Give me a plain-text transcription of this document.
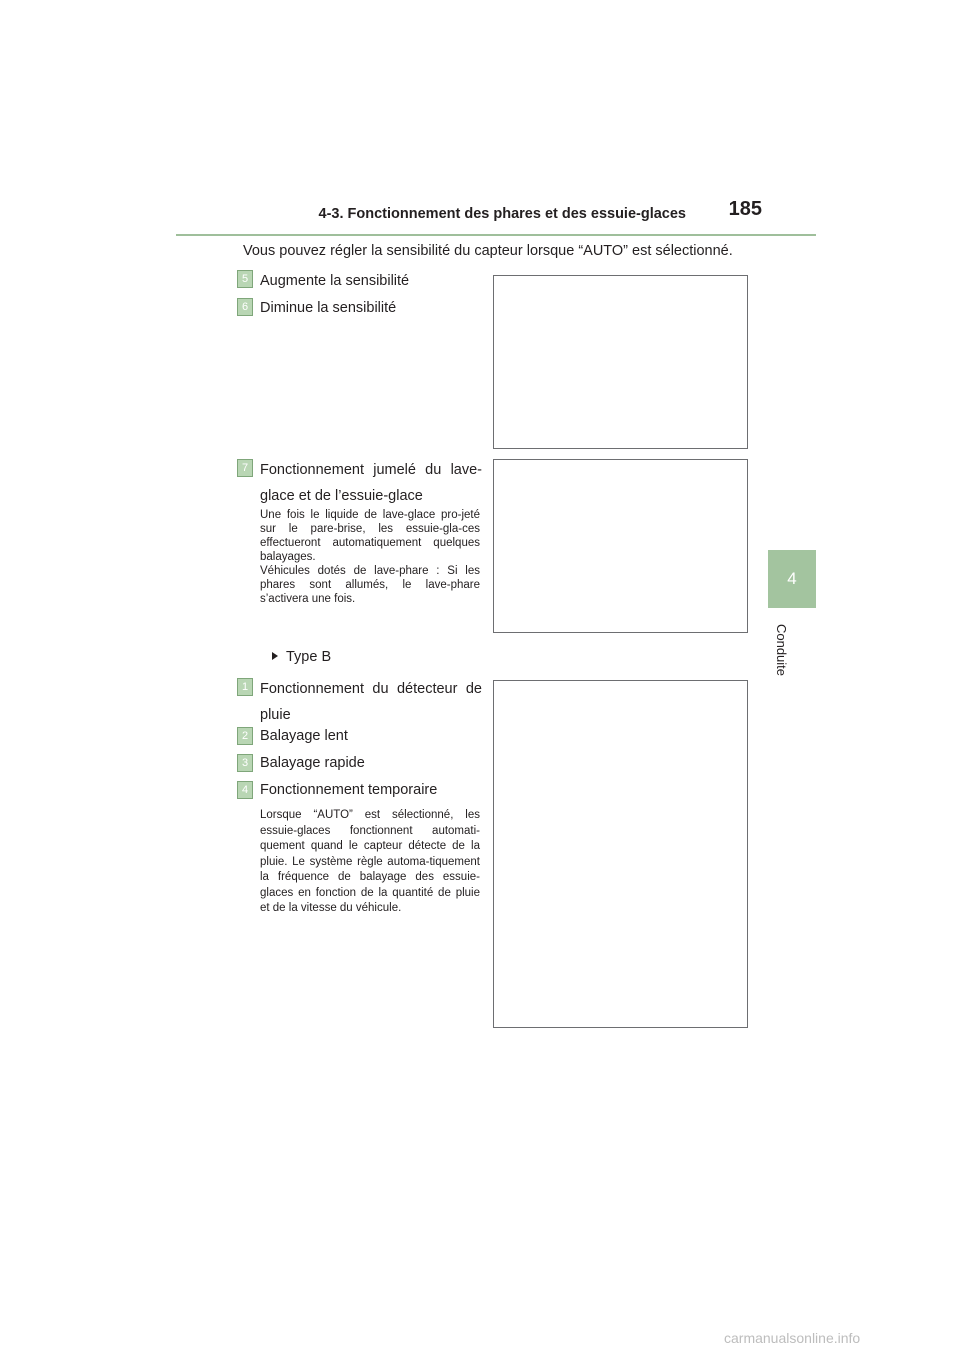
4-3. Fonctionnement des phares et des essuie-glaces 185
4
Conduite
Vous pouvez régler la sensibilité du capteur lorsque “AUTO” est sélectionné.
5 Augmente la sensibilité
6 Diminue la sensibilité
7 Fonctionnement jumelé du lave-glace et de l’essuie-glace

Une fois le liquide de lave-glace pro-jeté sur le pare-brise, les essuie-gla-ces effectueront automatiquement quelques balayages.

Véhicules dotés de lave-phare : Si les phares sont allumés, le lave-phare s’activera une fois.

Type B
1 Fonctionnement du détecteur de pluie
2 Balayage lent
3 Balayage rapide
4 Fonctionnement temporaire
Lorsque “AUTO” est sélectionné, les essuie-glaces fonctionnent automati-quement quand le capteur détecte de la pluie. Le système règle automa-tiquement la fréquence de balayage des essuie-glaces en fonction de la quantité de pluie et de la vitesse du véhicule.
carmanualsonline.info
